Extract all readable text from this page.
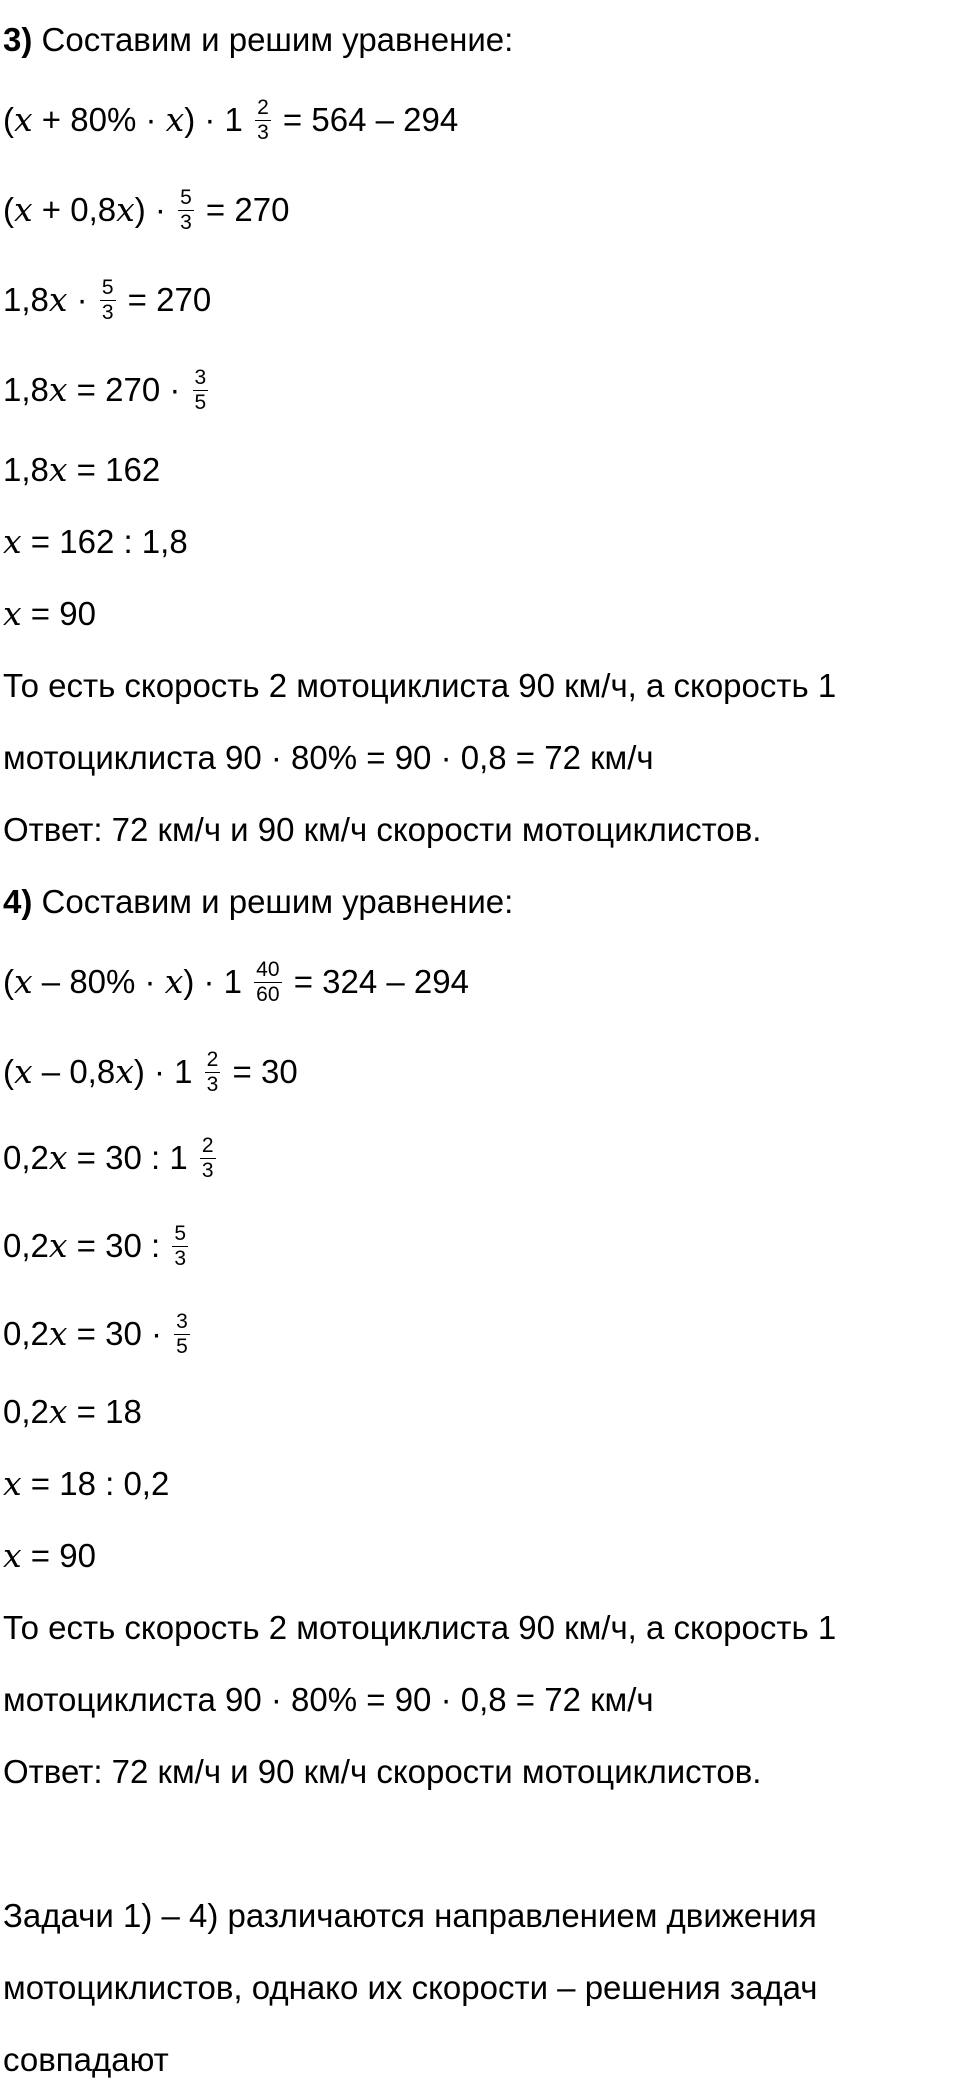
3) Составим и решим уравнение:
( x + 80% · x ) · $1 \frac{2}{3} = 564 - 294$
( x + 0,8 x ) · $\frac{5}{3} = 270$
1,8 $x \cdot \frac{5}{3} = 270$
1,8 $x = 270 \cdot \frac{3}{5}$
1,8 x = 162
x = 162 : 1,8
x = 90
То есть скорость 2 мотоциклиста 90 км/ч, а скорость 1
мотоциклиста 90 · 80% = 90 · 0,8 = 72 км/ч
Ответ: 72 км/ч и 90 км/ч скорости мотоциклистов.
4) Составим и решим уравнение:
( x – 80% · x ) · $1 \frac{40}{60} = 324 - 294$
( x – 0,8 x ) · $1 \frac{2}{3} = 30$
0,2 x = 30 : $1 \frac{2}{3}$
0,2 x = 30 : $\frac{5}{3}$
0,2 $x = 30 \cdot \frac{3}{5}$
0,2 x = 18
x = 18 : 0,2
x = 90
То есть скорость 2 мотоциклиста 90 км/ч, а скорость 1
мотоциклиста 90 · 80% = 90 · 0,8 = 72 км/ч
Ответ: 72 км/ч и 90 км/ч скорости мотоциклистов.
Задачи 1) – 4) различаются направлением движения
мотоциклистов, однако их скорости – решения задач
совпадают
